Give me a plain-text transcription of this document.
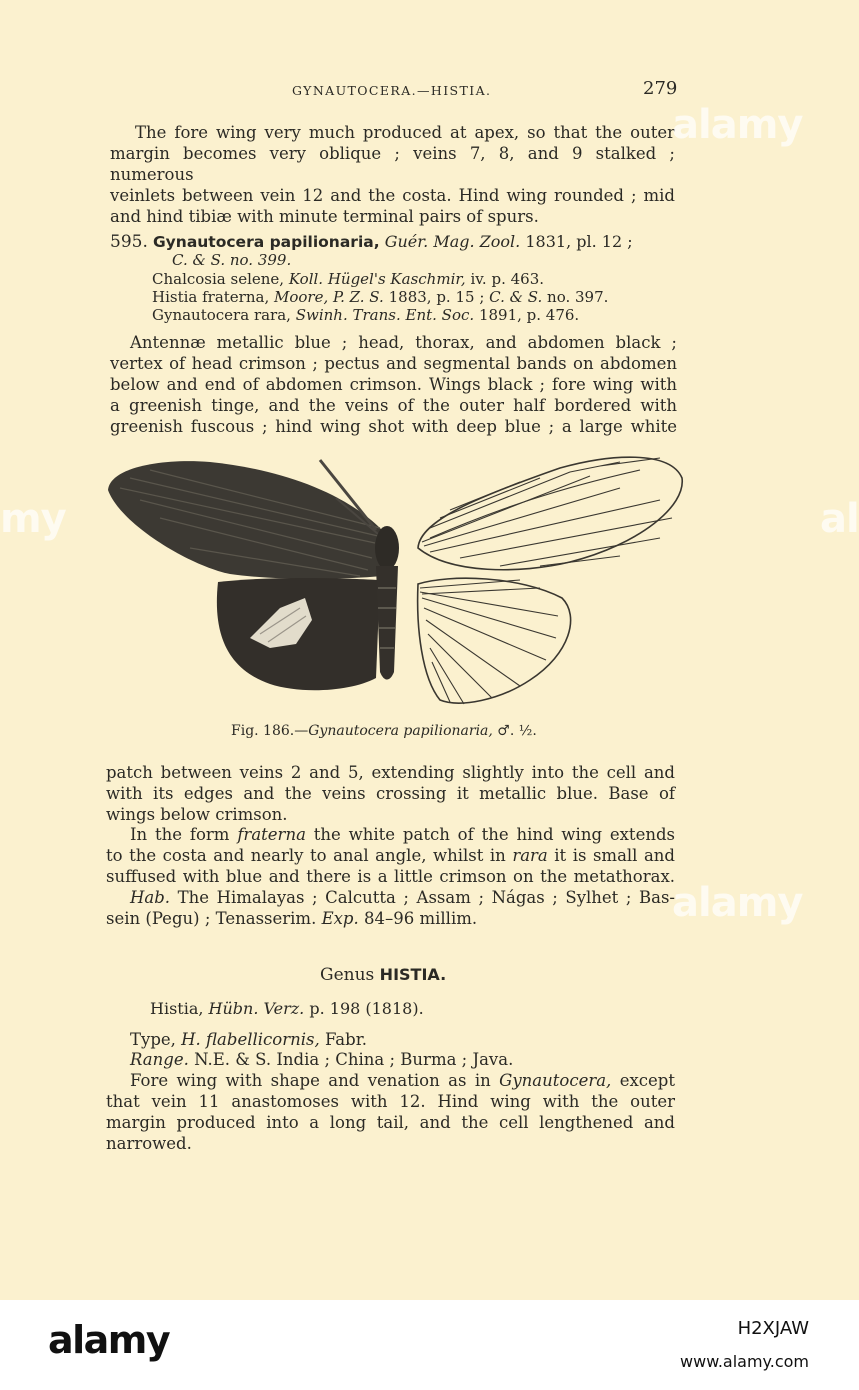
GYNAUTOCERA.—HISTIA.	279
The fore wing very much produced at apex, so that the outer
margin becomes very oblique ; veins 7, 8, and 9 stalked ; numerous
veinlets between vein 12 and the costa. Hind wing rounded ; mid
and hind tibiæ with minute terminal pairs of spurs.
595. Gynautocera papilionaria, Guér. Mag. Zool. 1831, pl. 12 ;
C. & S. no. 399.
Chalcosia selene, Koll. Hügel's Kaschmir, iv. p. 463.
Histia fraterna, Moore, P. Z. S. 1883, p. 15 ; C. & S. no. 397.
Gynautocera rara, Swinh. Trans. Ent. Soc. 1891, p. 476.
Antennæ metallic blue ; head, thorax, and abdomen black ;
vertex of head crimson ; pectus and segmental bands on abdomen
below and end of abdomen crimson. Wings black ; fore wing with
a greenish tinge, and the veins of the outer half bordered with
greenish fuscous ; hind wing shot with deep blue ; a large white
Fig. 186.—Gynautocera papilionaria, ♂. ½.
patch between veins 2 and 5, extending slightly into the cell and
with its edges and the veins crossing it metallic blue. Base of
wings below crimson.
In the form fraterna the white patch of the hind wing extends
to the costa and nearly to anal angle, whilst in rara it is small and
suffused with blue and there is a little crimson on the metathorax.
Hab. The Himalayas ; Calcutta ; Assam ; Nágas ; Sylhet ; Bas-
sein (Pegu) ; Tenasserim. Exp. 84–96 millim.
Genus HISTIA.
Histia, Hübn. Verz. p. 198 (1818).
Type, H. flabellicornis, Fabr.
Range. N.E. & S. India ; China ; Burma ; Java.
Fore wing with shape and venation as in Gynautocera, except
that vein 11 anastomoses with 12. Hind wing with the outer
margin produced into a long tail, and the cell lengthened and
narrowed.
alamy
alamy
my	al
alamy	H2XJAW
www.alamy.com
